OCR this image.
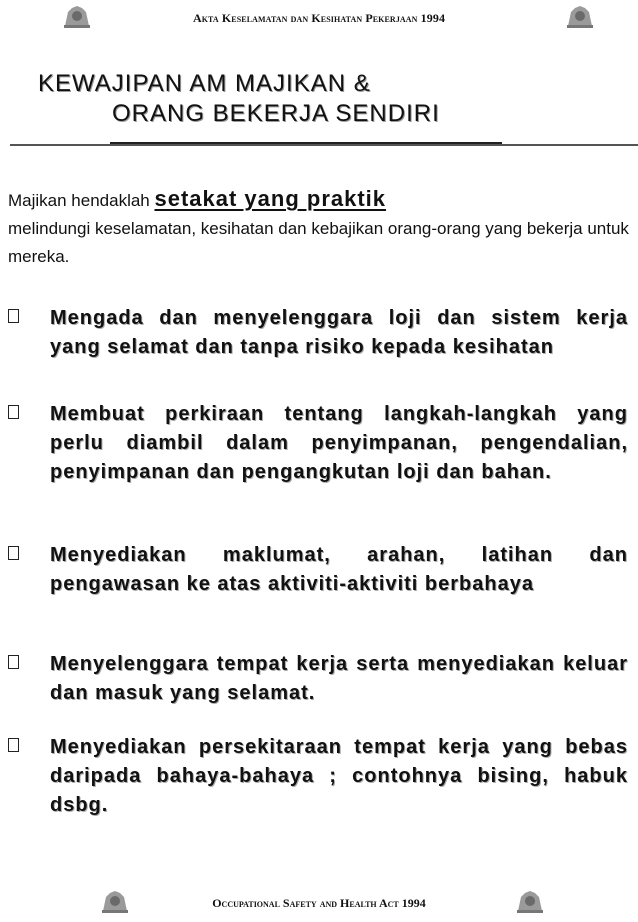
Akta Keselamatan dan Kesihatan Pekerjaan 1994
KEWAJIPAN AM MAJIKAN &
ORANG BEKERJA SENDIRI
Majikan hendaklah setakat yang praktik
melindungi keselamatan, kesihatan dan kebajikan orang-orang yang bekerja untuk mereka.
Mengada dan menyelenggara loji dan sistem kerja yang selamat dan tanpa risiko kepada kesihatan
Membuat perkiraan tentang langkah-langkah yang perlu diambil dalam penyimpanan, pengendalian, penyimpanan dan pengangkutan loji dan bahan.
Menyediakan maklumat, arahan, latihan dan pengawasan ke atas aktiviti-aktiviti berbahaya
Menyelenggara tempat kerja serta menyediakan keluar dan masuk yang selamat.
Menyediakan persekitaraan tempat kerja yang bebas daripada bahaya-bahaya ; contohnya bising, habuk dsbg.
Occupational Safety and Health Act 1994
